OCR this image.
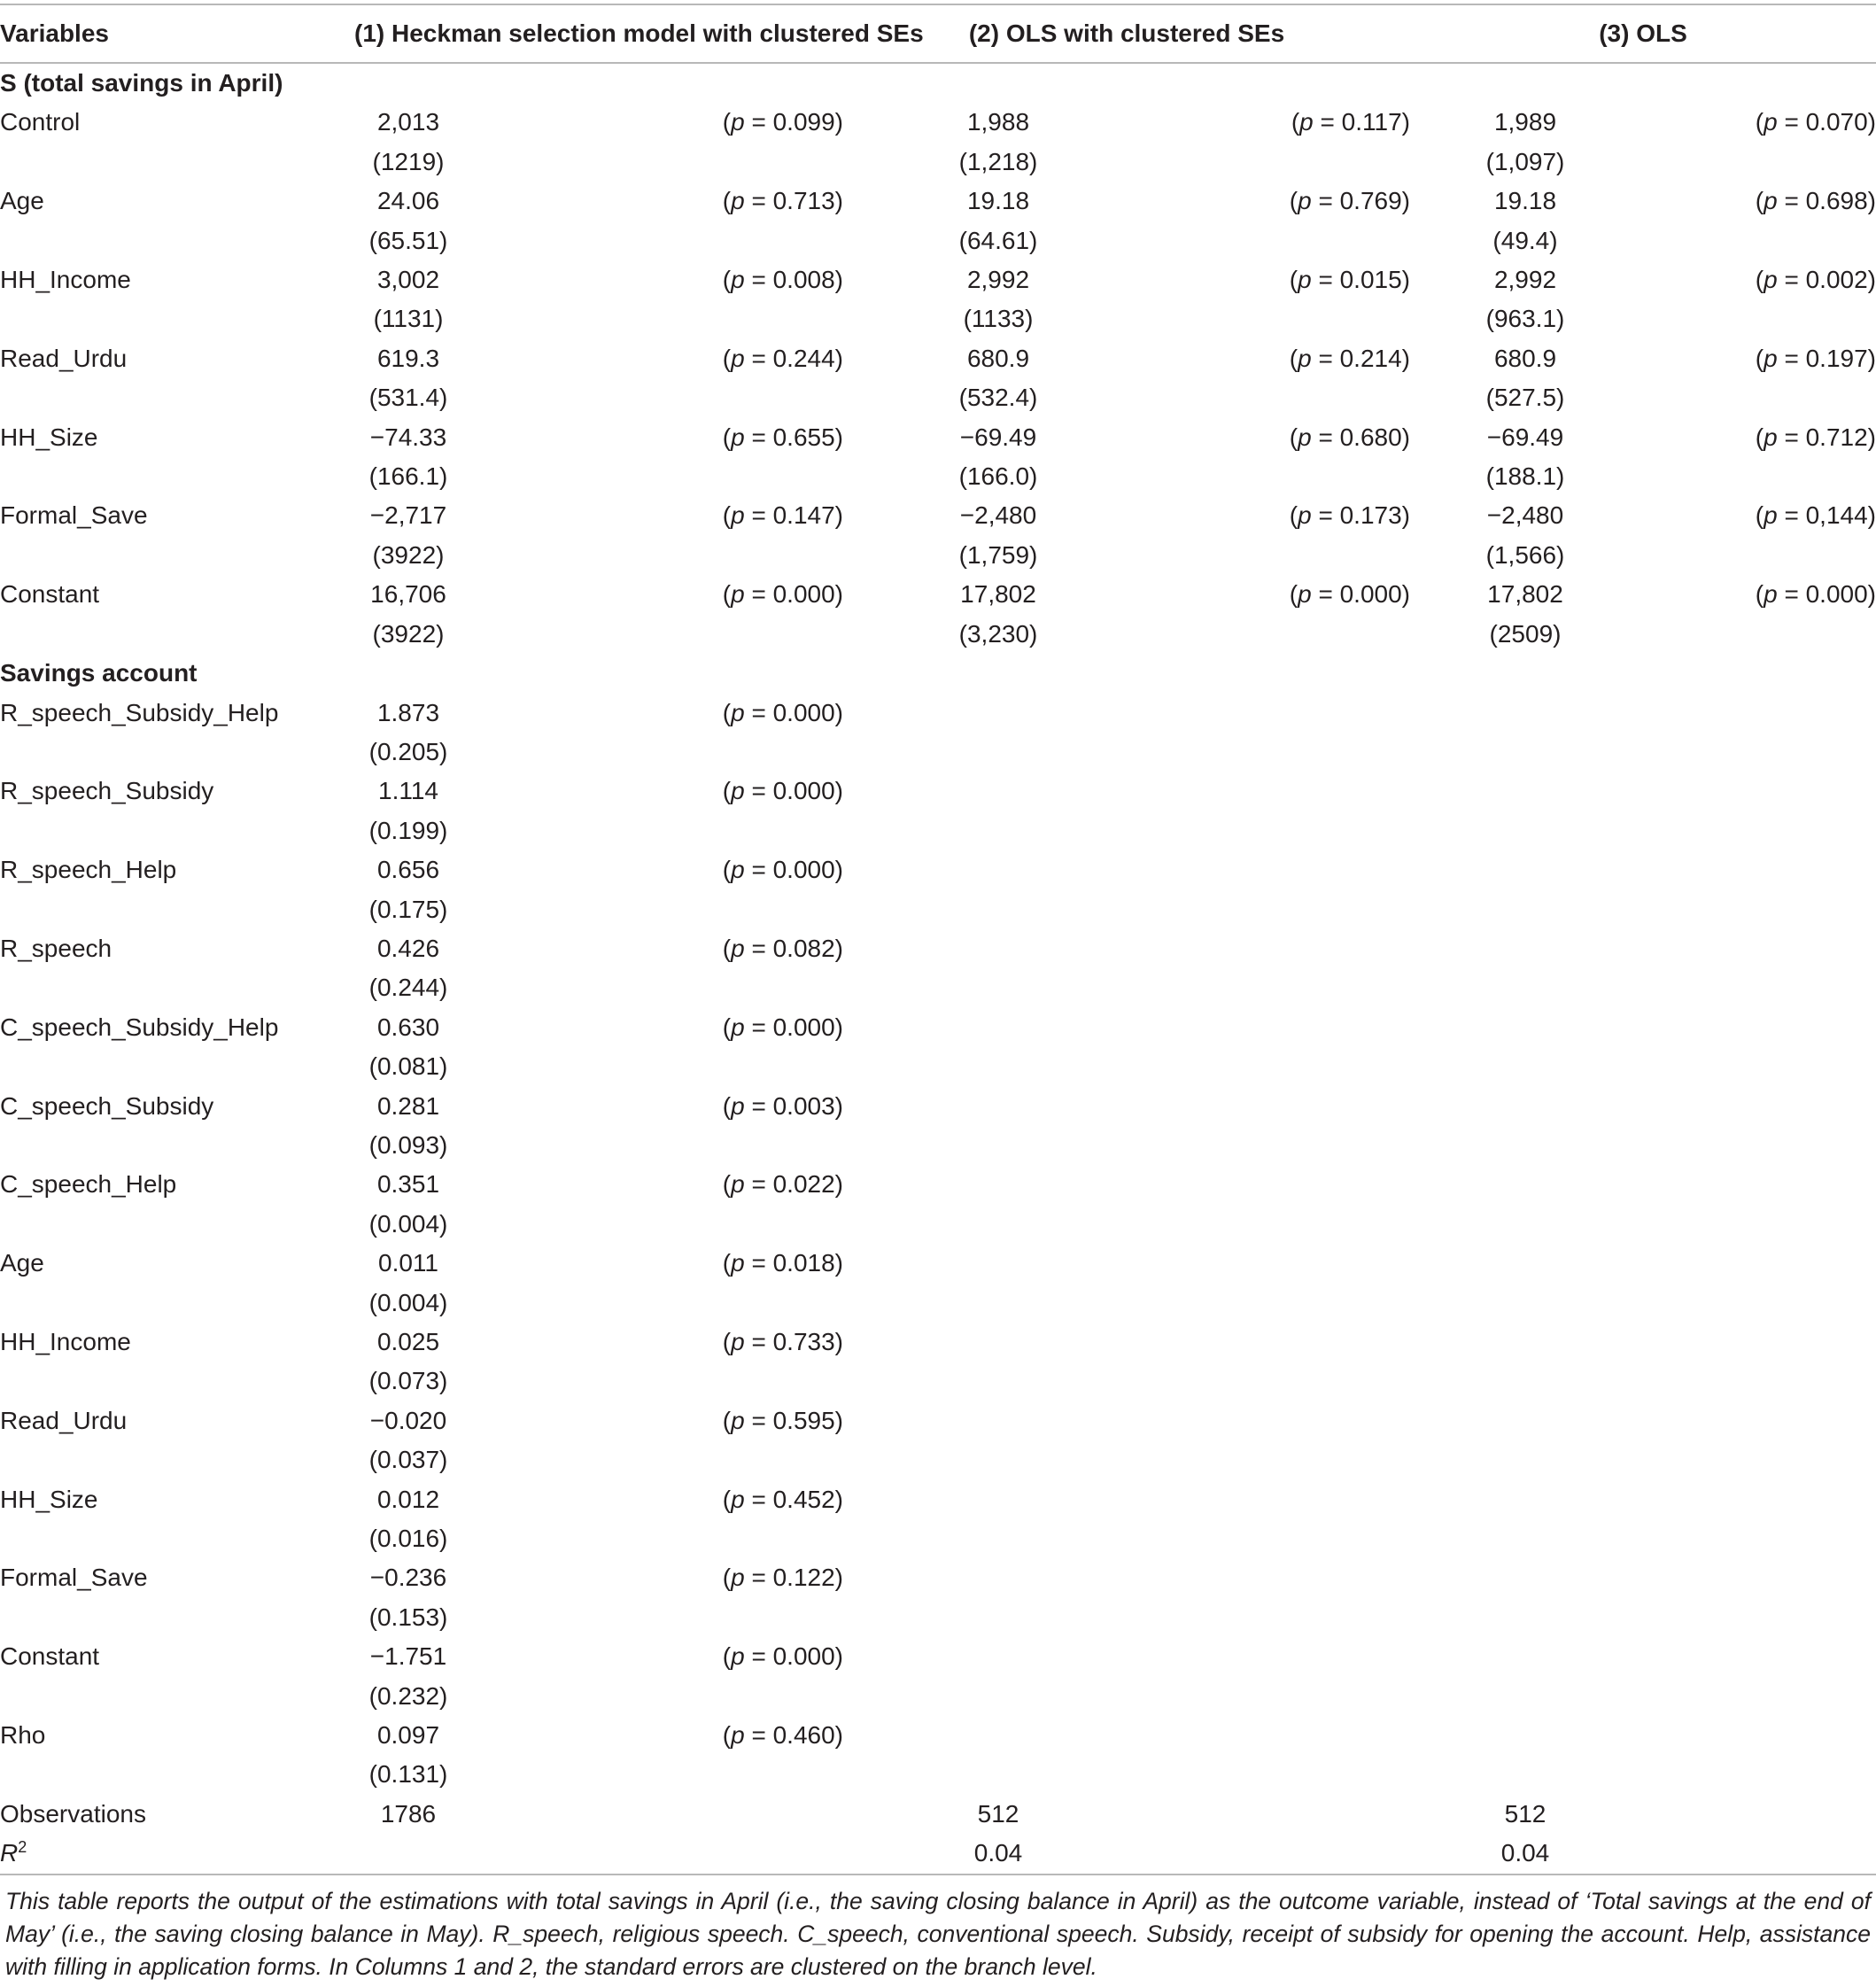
Variables	(1) Heckman selection model with clustered SEs		(2) OLS with clustered SEs		(3) OLS	
S (total savings in April)						
Control	2,013	(p = 0.099)	1,988	(p = 0.117)	1,989	(p = 0.070)
	(1219)		(1,218)		(1,097)	
Age	24.06	(p = 0.713)	19.18	(p = 0.769)	19.18	(p = 0.698)
	(65.51)		(64.61)		(49.4)	
HH_Income	3,002	(p = 0.008)	2,992	(p = 0.015)	2,992	(p = 0.002)
	(1131)		(1133)		(963.1)	
Read_Urdu	619.3	(p = 0.244)	680.9	(p = 0.214)	680.9	(p = 0.197)
	(531.4)		(532.4)		(527.5)	
HH_Size	−74.33	(p = 0.655)	−69.49	(p = 0.680)	−69.49	(p = 0.712)
	(166.1)		(166.0)		(188.1)	
Formal_Save	−2,717	(p = 0.147)	−2,480	(p = 0.173)	−2,480	(p = 0,144)
	(3922)		(1,759)		(1,566)	
Constant	16,706	(p = 0.000)	17,802	(p = 0.000)	17,802	(p = 0.000)
	(3922)		(3,230)		(2509)	
Savings account						
R_speech_Subsidy_Help	1.873	(p = 0.000)				
	(0.205)					
R_speech_Subsidy	1.114	(p = 0.000)				
	(0.199)					
R_speech_Help	0.656	(p = 0.000)				
	(0.175)					
R_speech	0.426	(p = 0.082)				
	(0.244)					
C_speech_Subsidy_Help	0.630	(p = 0.000)				
	(0.081)					
C_speech_Subsidy	0.281	(p = 0.003)				
	(0.093)					
C_speech_Help	0.351	(p = 0.022)				
	(0.004)					
Age	0.011	(p = 0.018)				
	(0.004)					
HH_Income	0.025	(p = 0.733)				
	(0.073)					
Read_Urdu	−0.020	(p = 0.595)				
	(0.037)					
HH_Size	0.012	(p = 0.452)				
	(0.016)					
Formal_Save	−0.236	(p = 0.122)				
	(0.153)					
Constant	−1.751	(p = 0.000)				
	(0.232)					
Rho	0.097	(p = 0.460)				
	(0.131)					
Observations	1786		512		512	
$R^2$			0.04		0.04	
This table reports the output of the estimations with total savings in April (i.e., the saving closing balance in April) as the outcome variable, instead of ‘Total savings at the end of May’ (i.e., the saving closing balance in May). R_speech, religious speech. C_speech, conventional speech. Subsidy, receipt of subsidy for opening the account. Help, assistance with filling in application forms. In Columns 1 and 2, the standard errors are clustered on the branch level.
